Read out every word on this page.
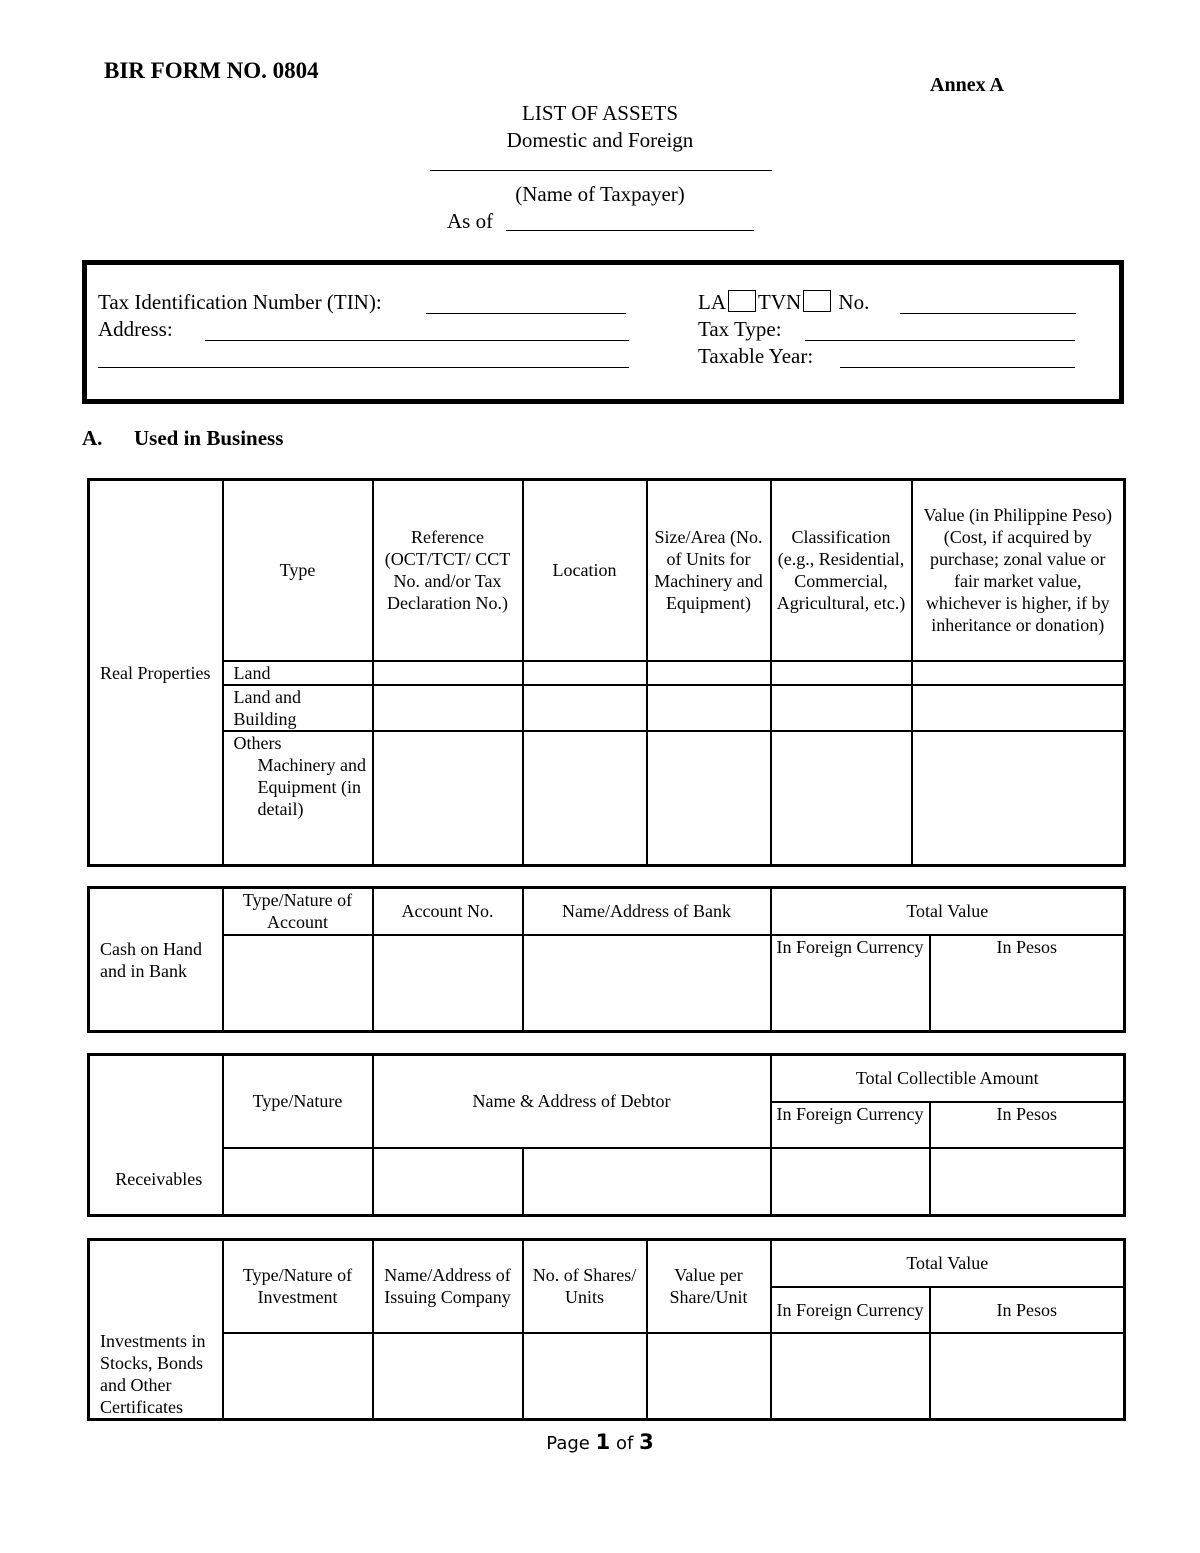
BIR FORM NO. 0804
Annex A
LIST OF ASSETS
Domestic and Foreign
(Name of Taxpayer)
As of
Tax Identification Number (TIN):
Address:
LA TVN No.
Tax Type:
Taxable Year:
A. Used in Business
Real Properties	Type	Reference (OCT/TCT/ CCT No. and/or Tax Declaration No.)	Location	Size/Area (No. of Units for Machinery and Equipment)	Classification (e.g., Residential, Commercial, Agricultural, etc.)	Value (in Philippine Peso)
(Cost, if acquired by purchase; zonal value or fair market value, whichever is higher, if by inheritance or donation)
	Land					
	Land and Building					
	Others
Machinery and Equipment (in detail)					

Cash on Hand and in Bank	Type/Nature of Account	Account No.	Name/Address of Bank	Total Value	
				In Foreign Currency	In Pesos
Receivables	Type/Nature	Name & Address of Debtor		Total Collectible Amount	
				In Foreign Currency	In Pesos

Investments in Stocks, Bonds and Other Certificates	Type/Nature of Investment	Name/Address of Issuing Company	No. of Shares/ Units	Value per Share/Unit	Total Value	
					In Foreign Currency	In Pesos

Page 1 of 3
